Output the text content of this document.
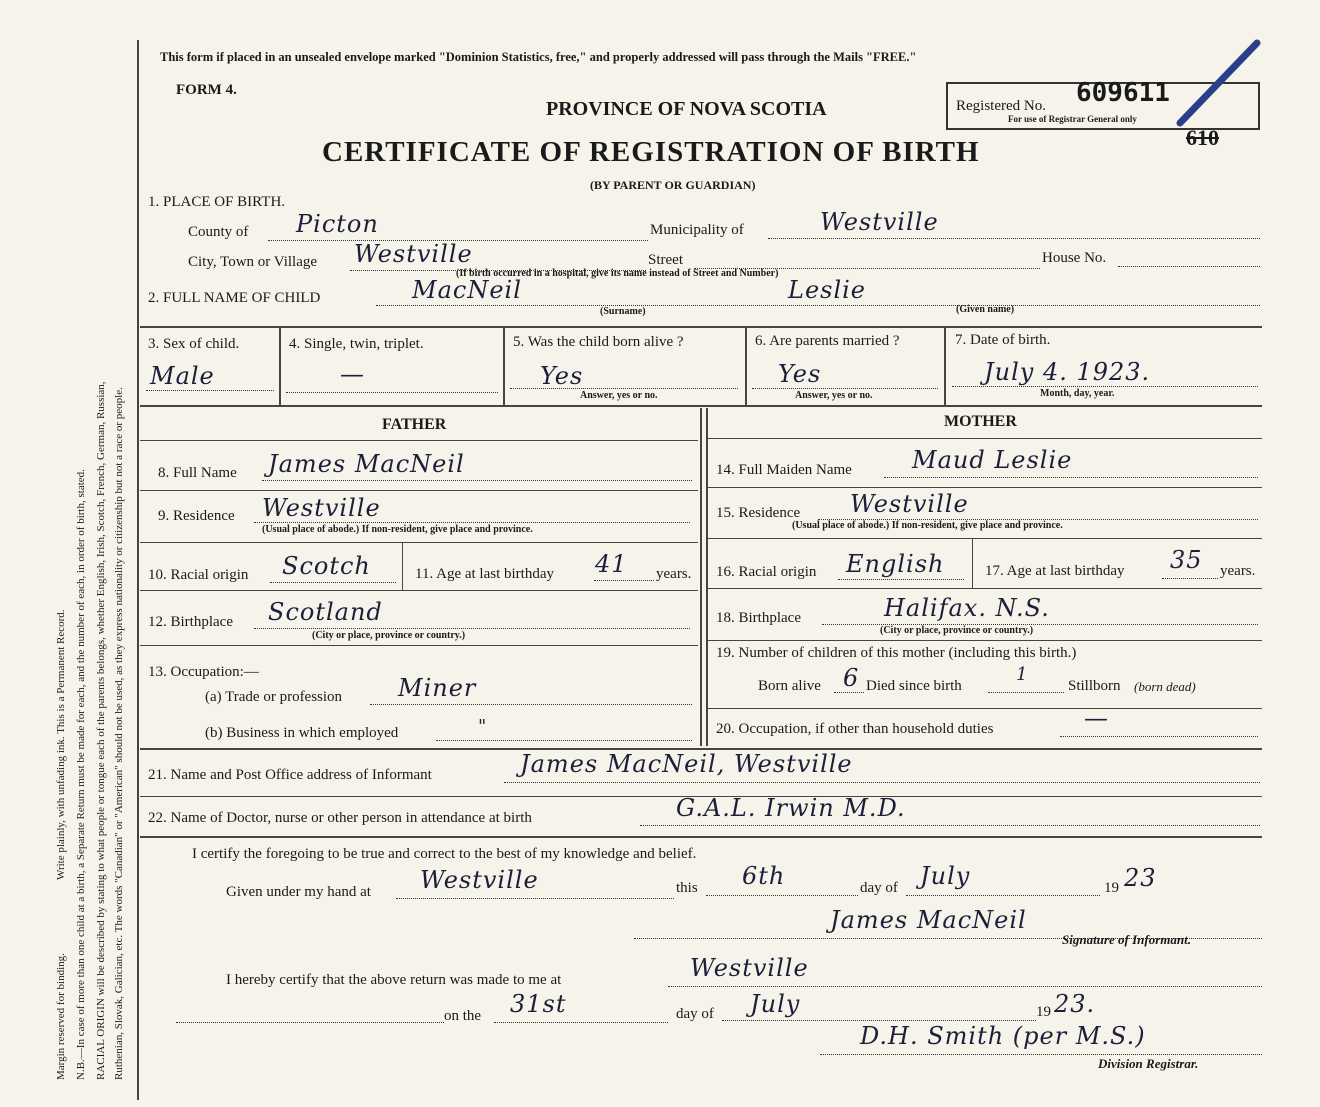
Margin reserved for binding.
Write plainly, with unfading ink. This is a Permanent Record. N.B.—In case of more than one child at a birth, a Separate Return must be made for each, and the number of each, in order of birth, stated. RACIAL ORIGIN will be described by stating to what people or tongue each of the parents belongs, whether English, Irish, Scotch, French, German, Russian, Ruthenian, Slovak, Galician, etc. The words "Canadian" or "American" should not be used, as they express nationality or citizenship but not a race or people.
This form if placed in an unsealed envelope marked "Dominion Statistics, free," and properly addressed will pass through the Mails "FREE."
FORM 4.
PROVINCE OF NOVA SCOTIA
CERTIFICATE OF REGISTRATION OF BIRTH
(BY PARENT OR GUARDIAN)
Registered No. 609611
For use of Registrar General only
610
1. PLACE OF BIRTH.
County of Picton	Municipality of	Westville
City, Town or Village Westville	Street	House No.
(If birth occurred in a hospital, give its name instead of Street and Number)
2. FULL NAME OF CHILD	MacNeil	Leslie
(Surname)	(Given name)
3. Sex of child.
Male
4. Single, twin, triplet.
—
5. Was the child born alive ?
Yes
Answer, yes or no.
6. Are parents married ?
Yes
Answer, yes or no.
7. Date of birth.
July 4. 1923.
Month, day, year.
FATHER	MOTHER
8. Full Name James MacNeil
9. Residence Westville
(Usual place of abode.) If non-resident, give place and province.
10. Racial origin Scotch	11. Age at last birthday 41 years.
12. Birthplace Scotland
(City or place, province or country.)
13. Occupation:—
(a) Trade or profession Miner
(b) Business in which employed	"
14. Full Maiden Name	Maud Leslie
15. Residence Westville
(Usual place of abode.) If non-resident, give place and province.
16. Racial origin English	17. Age at last birthday 35 years.
18. Birthplace	Halifax. N.S.
(City or place, province or country.)
19. Number of children of this mother (including this birth.)
Born alive 6 Died since birth
1
Stillborn (born dead)
20. Occupation, if other than household duties	—
21. Name and Post Office address of Informant	James MacNeil, Westville
22. Name of Doctor, nurse or other person in attendance at birth	G.A.L. Irwin M.D.
I certify the foregoing to be true and correct to the best of my knowledge and belief.
Given under my hand at Westville	this 6th	day of July	19 23
James MacNeil
Signature of Informant.
I hereby certify that the above return was made to me at	Westville
on the 31st	day of July	19 23.
D.H. Smith (per M.S.)
Division Registrar.
